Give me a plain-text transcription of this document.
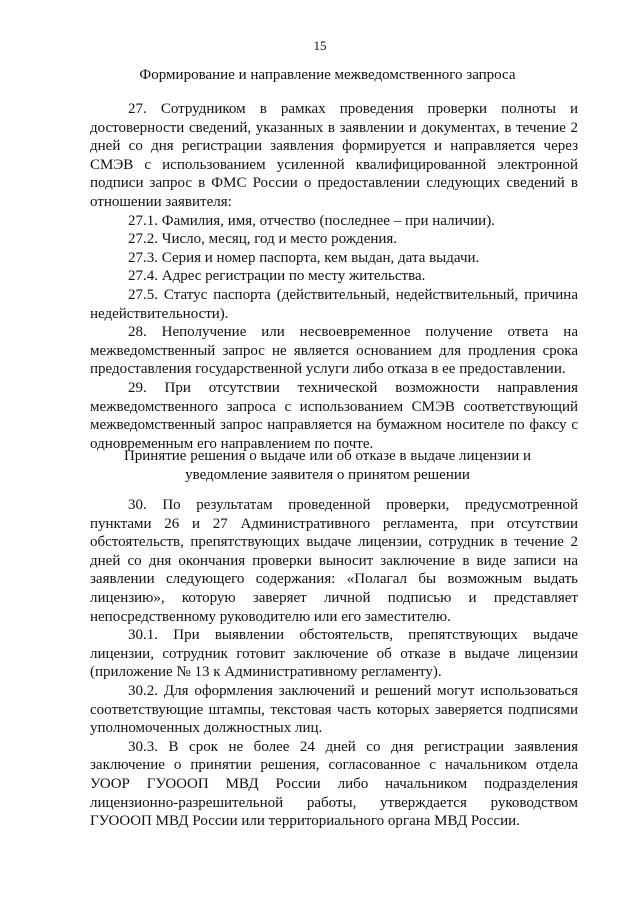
15
Формирование и направление межведомственного запроса

27. Сотрудником в рамках проведения проверки полноты и достоверности сведений, указанных в заявлении и документах, в течение 2 дней со дня регистрации заявления формируется и направляется через СМЭВ с использованием усиленной квалифицированной электронной подписи запрос в ФМС России о предоставлении следующих сведений в отношении заявителя:

27.1. Фамилия, имя, отчество (последнее – при наличии).

27.2. Число, месяц, год и место рождения.

27.3. Серия и номер паспорта, кем выдан, дата выдачи.

27.4. Адрес регистрации по месту жительства.

27.5. Статус паспорта (действительный, недействительный, причина недействительности).

28. Неполучение или несвоевременное получение ответа на межведомственный запрос не является основанием для продления срока предоставления государственной услуги либо отказа в ее предоставлении.

29. При отсутствии технической возможности направления межведомственного запроса с использованием СМЭВ соответствующий межведомственный запрос направляется на бумажном носителе по факсу с одновременным его направлением по почте.

Принятие решения о выдаче или об отказе в выдаче лицензии и
уведомление заявителя о принятом решении

30. По результатам проведенной проверки, предусмотренной пунктами 26 и 27 Административного регламента, при отсутствии обстоятельств, препятствующих выдаче лицензии, сотрудник в течение 2 дней со дня окончания проверки выносит заключение в виде записи на заявлении следующего содержания: «Полагал бы возможным выдать лицензию», которую заверяет личной подписью и представляет непосредственному руководителю или его заместителю.

30.1. При выявлении обстоятельств, препятствующих выдаче лицензии, сотрудник готовит заключение об отказе в выдаче лицензии (приложение № 13 к Административному регламенту).

30.2. Для оформления заключений и решений могут использоваться соответствующие штампы, текстовая часть которых заверяется подписями уполномоченных должностных лиц.

30.3. В срок не более 24 дней со дня регистрации заявления заключение о принятии решения, согласованное с начальником отдела УООР ГУОООП МВД России либо начальником подразделения лицензионно-разрешительной работы, утверждается руководством ГУОООП МВД России или территориального органа МВД России.
